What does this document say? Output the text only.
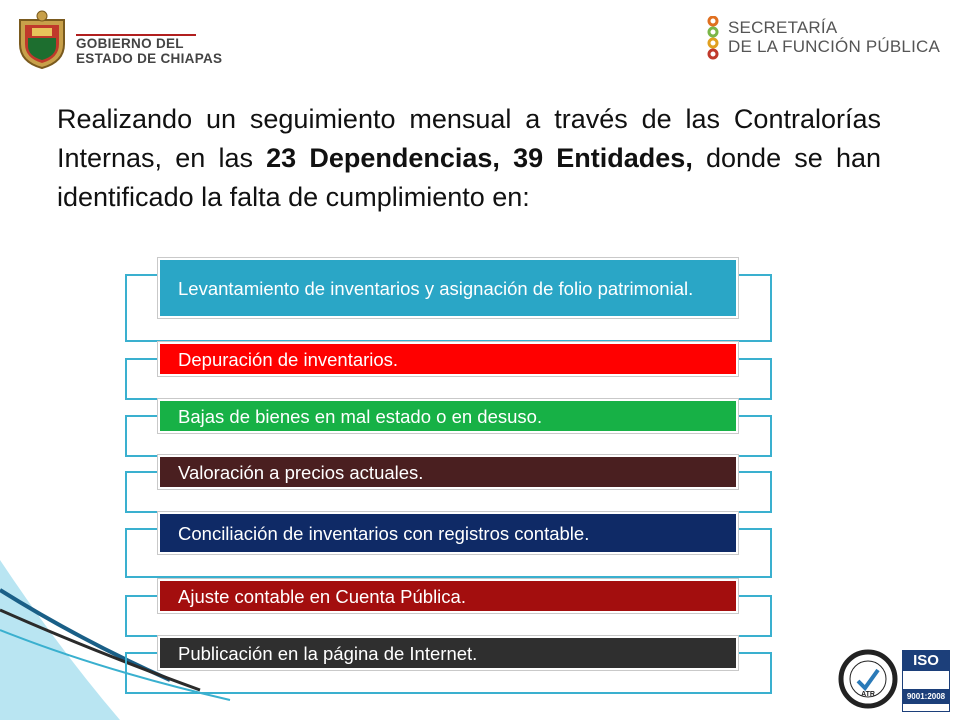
GOBIERNO DEL
ESTADO DE CHIAPAS
SECRETARÍA
DE LA FUNCIÓN PÚBLICA
Realizando un seguimiento mensual a través de las Contralorías Internas, en las 23 Dependencias, 39 Entidades, donde se han identificado la falta de cumplimiento en:
Levantamiento de inventarios y asignación de folio patrimonial.
Depuración de inventarios.
Bajas de bienes en mal estado o en desuso.
Valoración a precios actuales.
Conciliación de inventarios con registros contable.
Ajuste contable en Cuenta Pública.
Publicación en la página de Internet.
ATR
ISO
9001:2008
